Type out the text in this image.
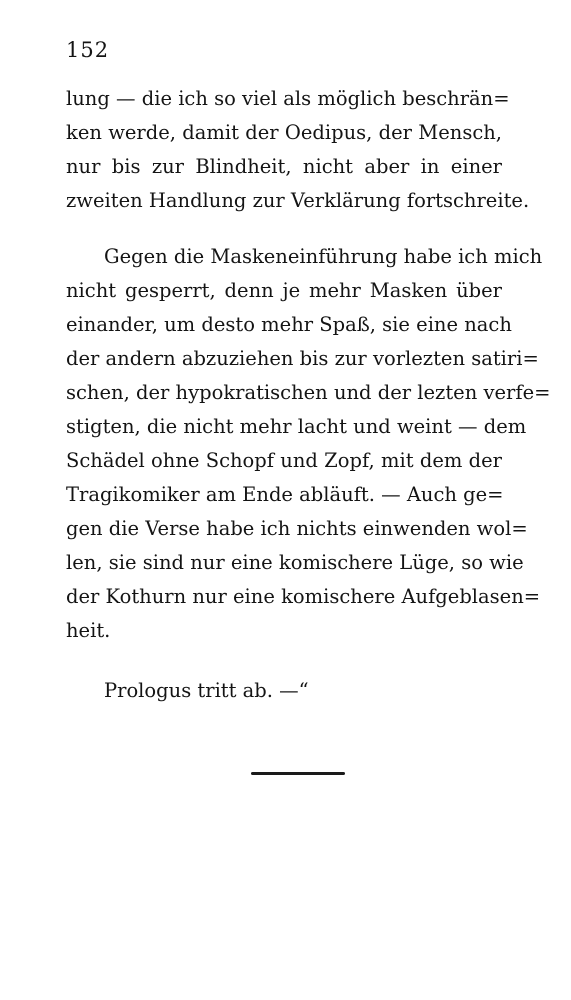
152
lung — die ich so viel als möglich beschrän=
ken werde, damit der Oedipus, der Mensch,
nur bis zur Blindheit, nicht aber in einer
zweiten Handlung zur Verklärung fortschreite.
Gegen die Maskeneinführung habe ich mich
nicht gesperrt, denn je mehr Masken über
einander, um desto mehr Spaß, sie eine nach
der andern abzuziehen bis zur vorlezten satiri=
schen, der hypokratischen und der lezten verfe=
stigten, die nicht mehr lacht und weint — dem
Schädel ohne Schopf und Zopf, mit dem der
Tragikomiker am Ende abläuft. — Auch ge=
gen die Verse habe ich nichts einwenden wol=
len, sie sind nur eine komischere Lüge, so wie
der Kothurn nur eine komischere Aufgeblasen=
heit.
Prologus tritt ab. —“
